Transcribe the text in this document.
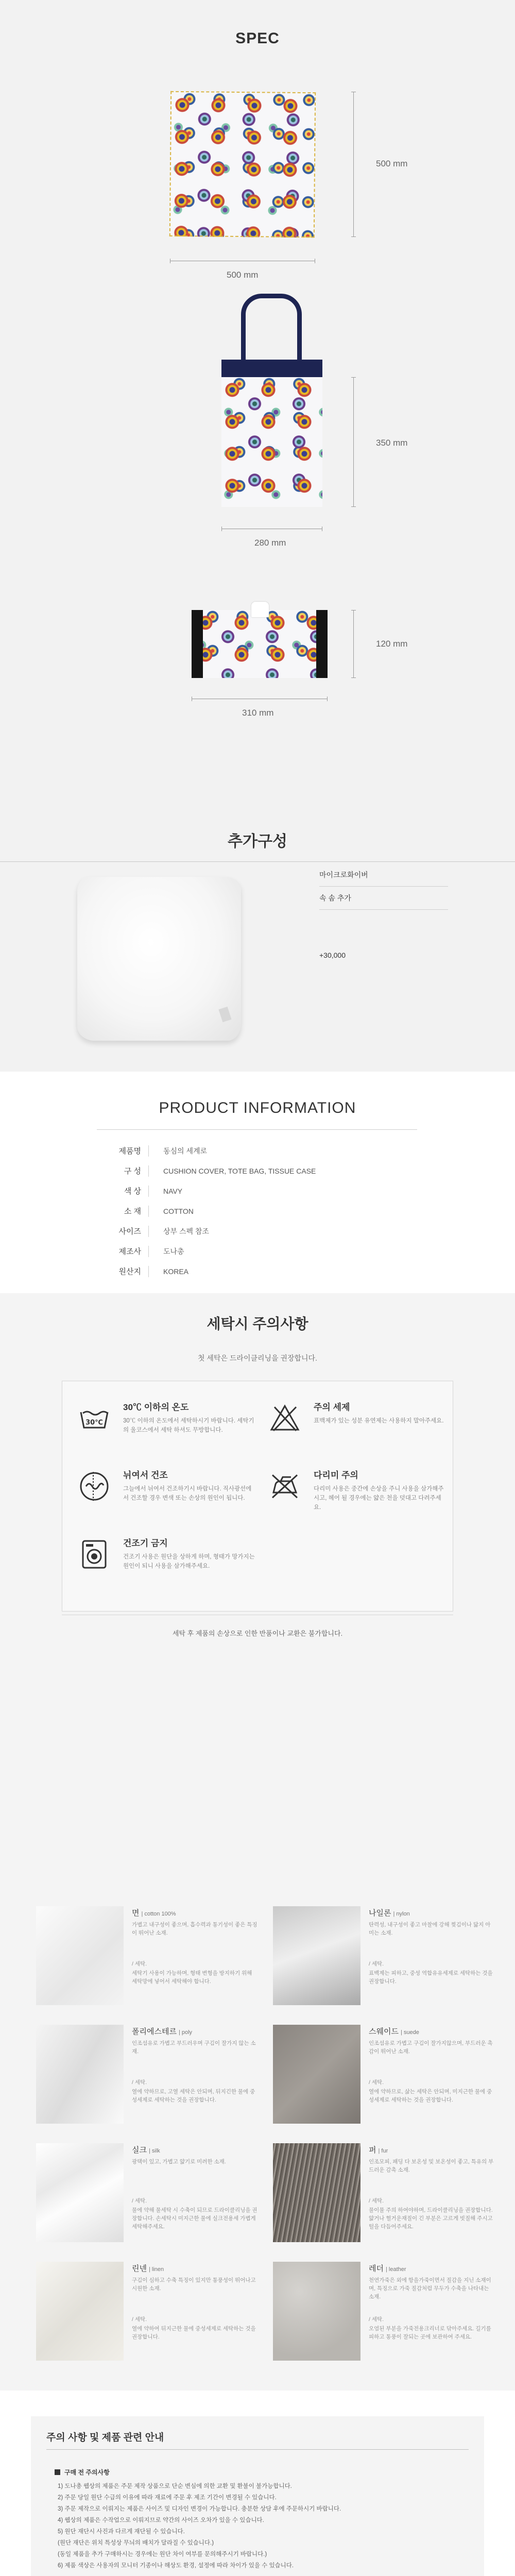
SPEC
500 mm
500 mm
350 mm
280 mm
120 mm
310 mm
추가구성
마이크로화이버
속 솜 추가
+30,000
PRODUCT INFORMATION
제품명	동심의 세계로
구 성	CUSHION COVER, TOTE BAG, TISSUE CASE
색 상	NAVY
소 재	COTTON
사이즈	상부 스펙 참조
제조사	도나총
원산지	KOREA
세탁시 주의사항
첫 세탁은 드라이클리닝을 권장합니다.
30℃
30℃ 이하의 온도
30℃ 이하의 온도에서 세탁하시기 바랍니다. 세탁기의 울코스에서 세탁 하셔도 무방합니다.
주의 세제
표백제가 있는 성분 유연제는 사용하지 말아주세요.
뉘여서 건조
그늘에서 뉘여서 건조하기시 바랍니다. 직사광선에서 건조할 경우 변색 또는 손상의 원인이 됩니다.
다리미 주의
다리미 사용은 중간에 손상을 주니 사용을 삼가해주시고, 헤어 될 경우에는 얇은 천을 덧대고 다려주세요.
건조기 금지
건조기 사용은 원단을 상하게 하며, 형태가 망가지는 원인이 되니 사용을 삼가해주세요.
세탁 후 제품의 손상으로 인한 반품이나 교환은 불가합니다.
면 | cotton 100%
가볍고 내구성이 좋으며, 흡수력과 통기성이 좋은 특징이 뛰어난 소재.
/ 세탁.
세탁기 사용이 가능하며, 형태 변형을 방지하기 위해 세탁망에 넣어서 세탁해야 합니다.
나일론 | nylon
탄력성, 내구성이 좋고 마찰에 강해 찢김이나 닳지 아미는 소재.
/ 세탁.
표백제는 피하고, 중성 역합유유세제로 세탁하는 것을 권장합니다.
폴리에스테르 | poly
인조섬유로 가볍고 부드러우며 구김이 잘가지 않는 소재.
/ 세탁.
열에 약하므로, 고열 세탁은 안되며, 뒤지긴한 물에 중성세제로 세탁하는 것을 권장합니다.
스웨이드 | suede
인조섬유로 가볍고 구김이 잘가지않으며, 부드러운 촉감이 뛰어난 소재.
/ 세탁.
열에 약하므로, 삶는 세탁은 안되며, 미지근한 물에 중성세제로 세탁하는 것을 권장합니다.
실크 | silk
광택이 있고, 가볍고 얇기로 미려한 소재.
/ 세탁.
물에 약해 물세탁 시 수축이 되므로 드라이클리닝을 권장합니다. 손세탁시 미지근한 물에 실크전용세 가볍게 세탁해주세요.
퍼 | fur
인조모피, 패딩 다 보온성 및 보온성이 좋고, 특유의 부드러운 감촉 소재.
/ 세탁.
물이물 주의 하여야하며, 드라이클리닝을 권장합니다. 얇거나 헐거운재질이 긴 부분은 고르게 빗질해 주시고 털을 다듬어주세요.
린넨 | linen
구김이 심하고 수축 특징이 있지만 통풍성이 뛰어나고 시원한 소재.
/ 세탁.
열에 약하여 뒤지근한 물에 중성세제로 세탁하는 것을 권장합니다.
레더 | leather
천연가죽은 외에 항을가죽이면서 질감을 지닌 소재이며, 특징으로 가죽 질감처럼 무두가 수축을 나타내는 소재.
/ 세탁.
오염된 부분을 가죽전용크리너로 닦아주세요. 길기를 피하고 통풍이 잘되는 곳에 보관하여 주세요.
주의 사항 및 제품 관련 안내
구매 전 주의사항
1) 도나총 웹상의 제품은 주문 제작 상품으로 단순 변심에 의한 교환 및 환불이 불가능합니다.
2) 주문 당일 원단 수급의 이유에 따라 재료에 주문 후 제조 기간이 변경될 수 있습니다.
3) 주문 제작으로 이뤄지는 제품은 사이즈 및 디자인 변경이 가능합니다. 충분한 상담 후에 주문하시기 바랍니다.
4) 웹상의 제품은 수작업으로 이뤄지므로 약간의 사이즈 오차가 있을 수 있습니다.
5) 원단 재단시 사진과 다르게 재단될 수 있습니다.
(원단 재단은 위치 특성상 무늬의 배치가 달라질 수 있습니다.)
(동일 제품을 추가 구매하시는 경우에는 원단 차이 여부를 문의해주시기 바랍니다.)
6) 제품 색상은 사용자의 모니터 기종이나 해상도 환경, 설정에 따라 차이가 있을 수 있습니다.
